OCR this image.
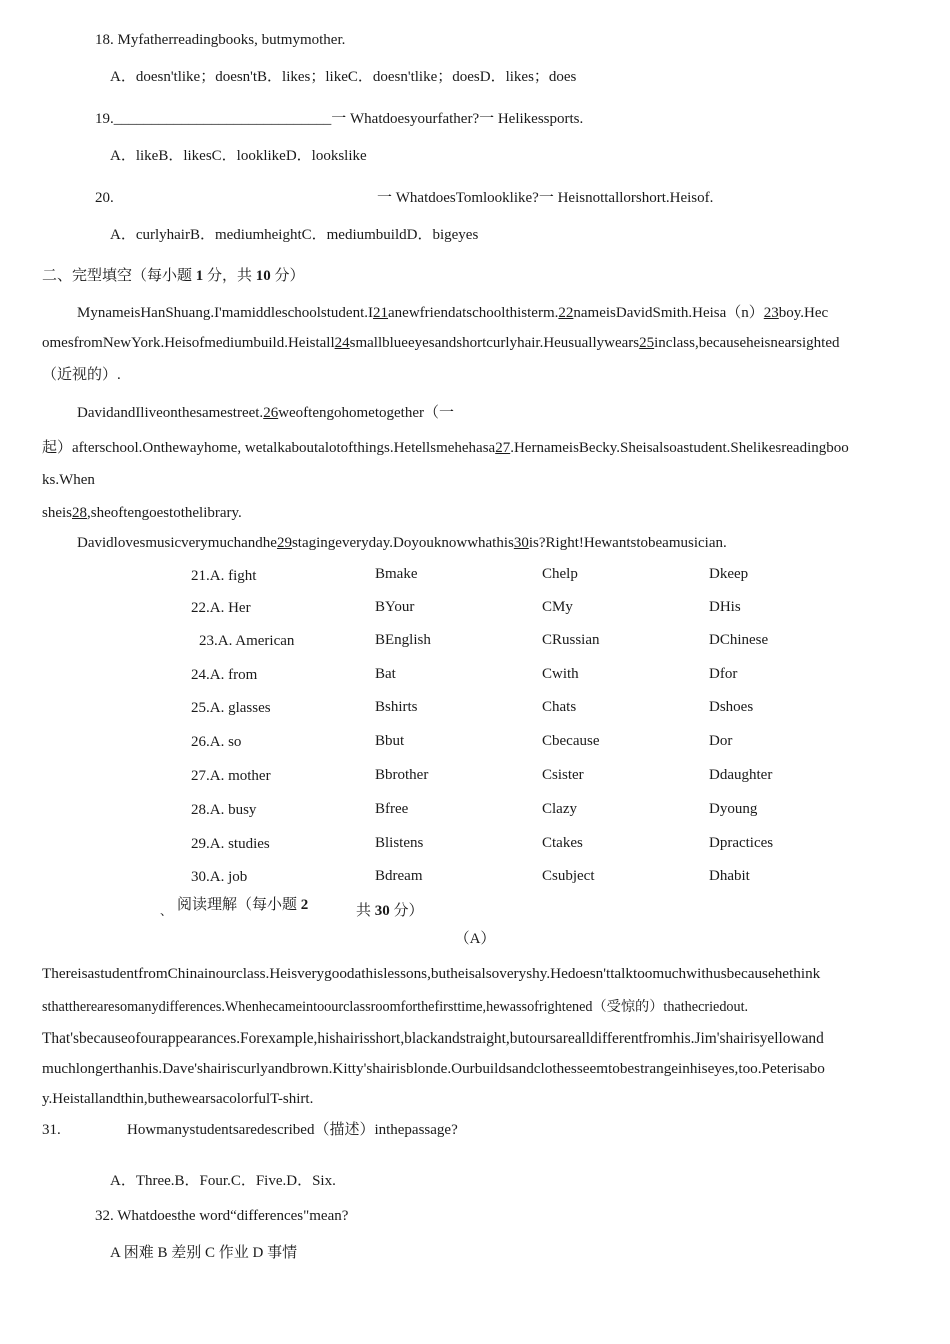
18. Myfatherreadingbooks, butmymother.
A．doesn'tlike；doesn'tB．likes；likeC．doesn'tlike；doesD．likes；does
19._____________________________一 Whatdoesyourfather?一 Helikessports.
A．likeB．likesC．looklikeD．lookslike
20.	一 WhatdoesTomlooklike?一 Heisnottallorshort.Heisof.
A．curlyhairB．mediumheightC．mediumbuildD．bigeyes
二、完型填空（每小题 1 分，共 10 分）
MynameisHanShuang.I'mamiddleschoolstudent.I21anewfriendatschoolthisterm.22nameisDavidSmith.Heisa（n）23boy.Hec
omesfromNewYork.Heisofmediumbuild.Heistall24smallblueeyesandshortcurlyhair.Heusuallywears25inclass,becauseheisnearsighted
（近视的）.
DavidandIliveonthesamestreet.26weoftengohometogether（一
起）afterschool.Onthewayhome, wetalkaboutalotofthings.Hetellsmehehasa27.HernameisBecky.Sheisalsoastudent.Shelikesreadingboo
ks.When
sheis28,sheoftengoestothelibrary.
Davidlovesmusicverymuchandhe29stagingeveryday.Doyouknowwhathis30is?Right!Hewantstobeamusician.
21.A. fight	Bmake	Chelp	Dkeep
22.A. Her	BYour	CMy	DHis
23.A. American	BEnglish	CRussian	DChinese
24.A. from	Bat	Cwith	Dfor
25.A. glasses	Bshirts	Chats	Dshoes
26.A. so	Bbut	Cbecause	Dor
27.A. mother	Bbrother	Csister	Ddaughter
28.A. busy	Bfree	Clazy	Dyoung
29.A. studies	Blistens	Ctakes	Dpractices
30.A. job	Bdream	Csubject	Dhabit
、 阅读理解（每小题 2	共 30 分）
（A）
ThereisastudentfromChinainourclass.Heisverygoodathislessons,butheisalsoveryshy.Hedoesn'ttalktoomuchwithusbecausehethink
sthattherearesomanydifferences.Whenhecameintoourclassroomforthefirsttime,hewassofrightened（受惊的）thathecriedout.
That'sbecauseofourappearances.Forexample,hishairisshort,blackandstraight,butoursarealldifferentfromhis.Jim'shairisyellowand
muchlongerthanhis.Dave'shairiscurlyandbrown.Kitty'shairisblonde.Ourbuildsandclothesseemtobestrangeinhiseyes,too.Peterisabo
y.Heistallandthin,buthewearsacolorfulT-shirt.
31.	Howmanystudentsaredescribed（描述）inthepassage?
A．Three.B．Four.C．Five.D．Six.
32. Whatdoesthe word“differences"mean?
A 困难 B 差别 C 作业 D 事情
